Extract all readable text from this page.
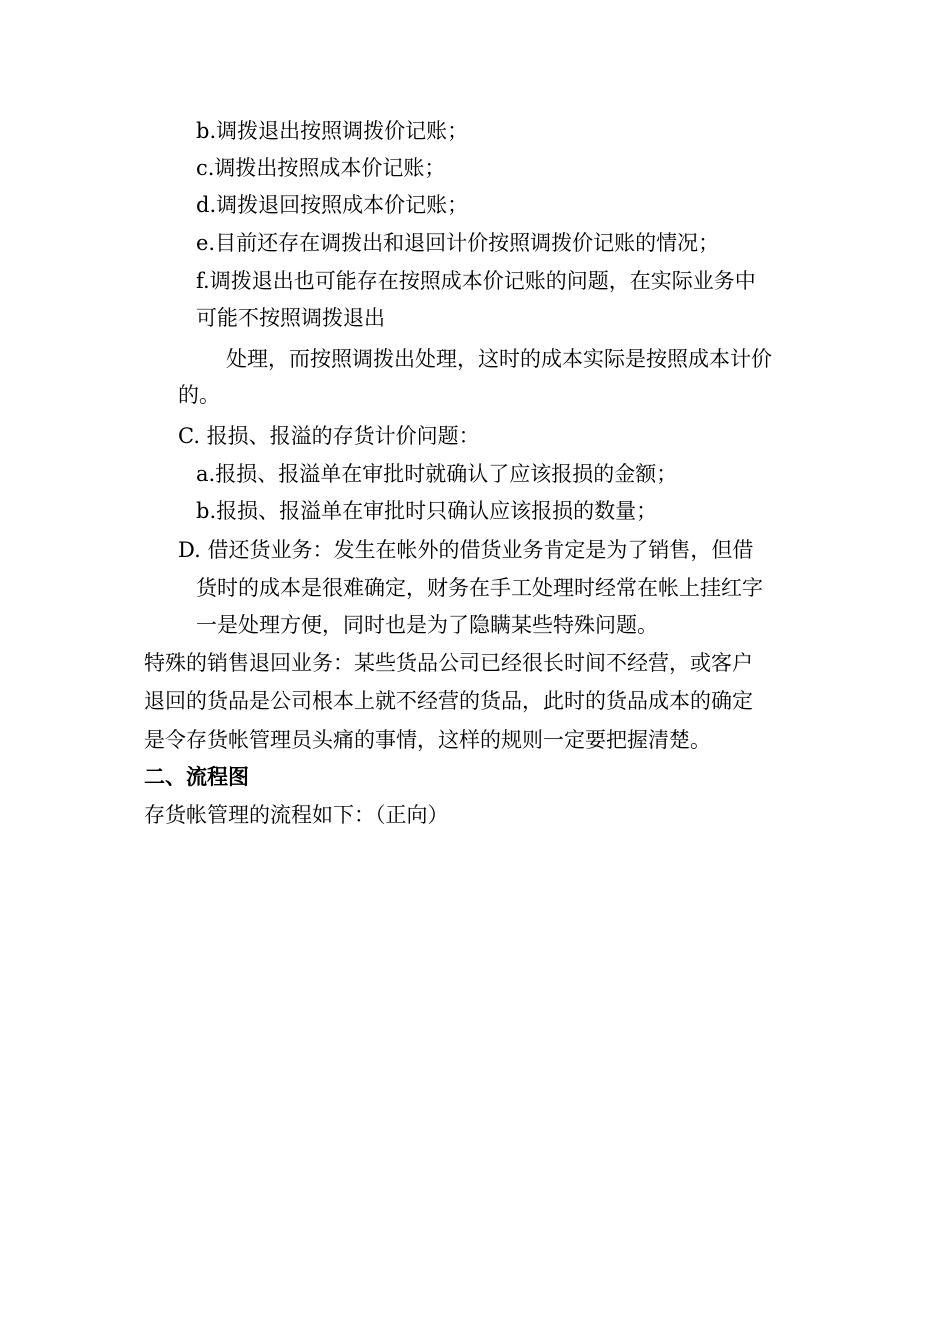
b.调拨退出按照调拨价记账；
c.调拨出按照成本价记账；
d.调拨退回按照成本价记账；
e.目前还存在调拨出和退回计价按照调拨价记账的情况；
f.调拨退出也可能存在按照成本价记账的问题，在实际业务中
可能不按照调拨退出
处理，而按照调拨出处理，这时的成本实际是按照成本计价
的。
C. 报损、报溢的存货计价问题：
a.报损、报溢单在审批时就确认了应该报损的金额；
b.报损、报溢单在审批时只确认应该报损的数量；
D. 借还货业务：发生在帐外的借货业务肯定是为了销售，但借
货时的成本是很难确定，财务在手工处理时经常在帐上挂红字
一是处理方便，同时也是为了隐瞒某些特殊问题。
特殊的销售退回业务：某些货品公司已经很长时间不经营，或客户
退回的货品是公司根本上就不经营的货品，此时的货品成本的确定
是令存货帐管理员头痛的事情，这样的规则一定要把握清楚。
二、流程图
存货帐管理的流程如下：（正向）
